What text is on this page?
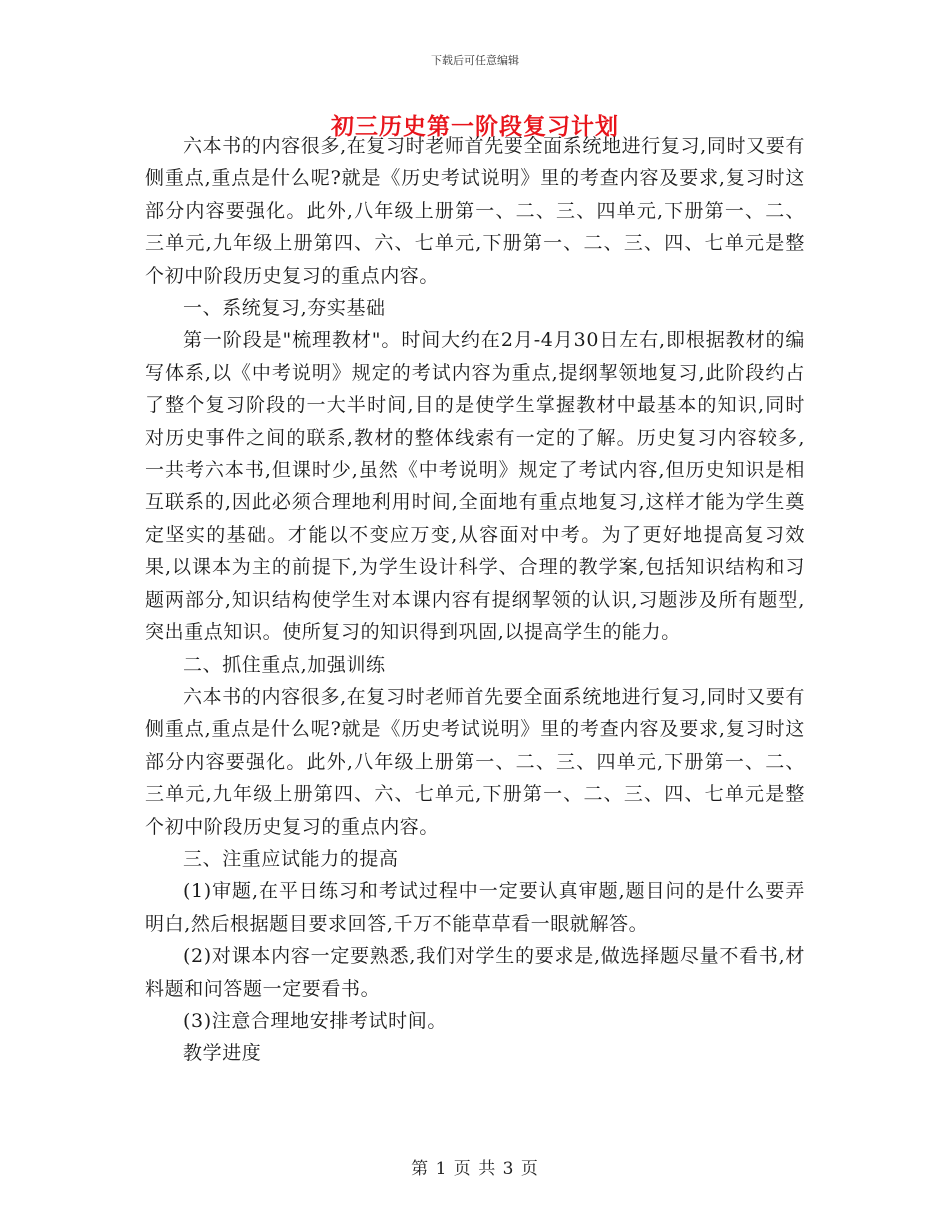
下载后可任意编辑
初三历史第一阶段复习计划

六本书的内容很多,在复习时老师首先要全面系统地进行复习,同时又要有侧重点,重点是什么呢?就是《历史考试说明》里的考查内容及要求,复习时这部分内容要强化。此外,八年级上册第一、二、三、四单元,下册第一、二、三单元,九年级上册第四、六、七单元,下册第一、二、三、四、七单元是整个初中阶段历史复习的重点内容。

一、系统复习,夯实基础

第一阶段是"梳理教材"。时间大约在2月-4月30日左右,即根据教材的编写体系,以《中考说明》规定的考试内容为重点,提纲挈领地复习,此阶段约占了整个复习阶段的一大半时间,目的是使学生掌握教材中最基本的知识,同时对历史事件之间的联系,教材的整体线索有一定的了解。历史复习内容较多,一共考六本书,但课时少,虽然《中考说明》规定了考试内容,但历史知识是相互联系的,因此必须合理地利用时间,全面地有重点地复习,这样才能为学生奠定坚实的基础。才能以不变应万变,从容面对中考。为了更好地提高复习效果,以课本为主的前提下,为学生设计科学、合理的教学案,包括知识结构和习题两部分,知识结构使学生对本课内容有提纲挈领的认识,习题涉及所有题型,突出重点知识。使所复习的知识得到巩固,以提高学生的能力。

二、抓住重点,加强训练

六本书的内容很多,在复习时老师首先要全面系统地进行复习,同时又要有侧重点,重点是什么呢?就是《历史考试说明》里的考查内容及要求,复习时这部分内容要强化。此外,八年级上册第一、二、三、四单元,下册第一、二、三单元,九年级上册第四、六、七单元,下册第一、二、三、四、七单元是整个初中阶段历史复习的重点内容。

三、注重应试能力的提高

(1)审题,在平日练习和考试过程中一定要认真审题,题目问的是什么要弄明白,然后根据题目要求回答,千万不能草草看一眼就解答。

(2)对课本内容一定要熟悉,我们对学生的要求是,做选择题尽量不看书,材料题和问答题一定要看书。

(3)注意合理地安排考试时间。

教学进度

第 1 页 共 3 页
